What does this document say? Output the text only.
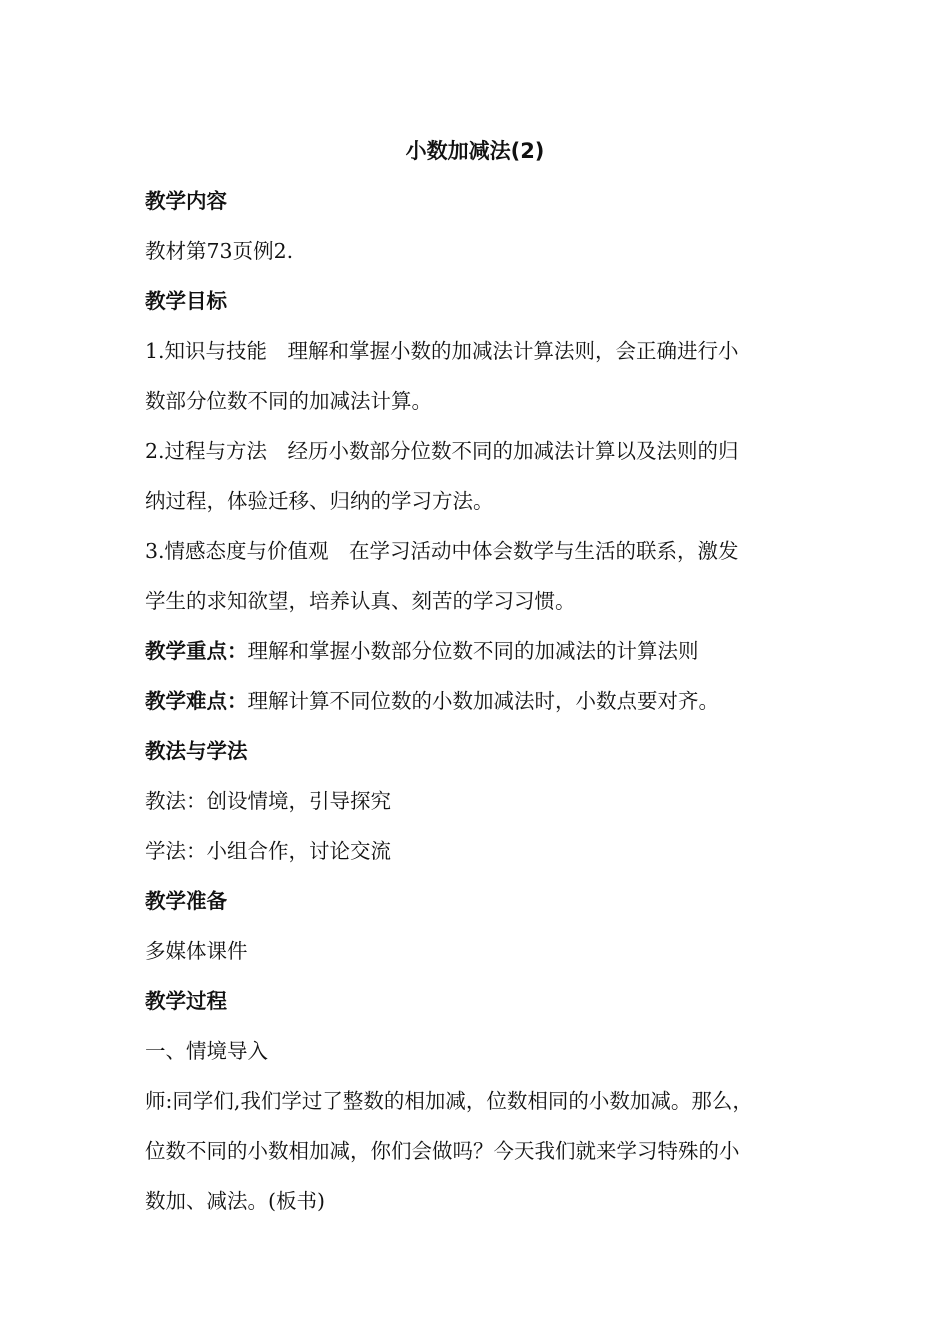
小数加减法(2)
教学内容
教材第73页例2.
教学目标
1.知识与技能　理解和掌握小数的加减法计算法则，会正确进行小
数部分位数不同的加减法计算。
2.过程与方法　经历小数部分位数不同的加减法计算以及法则的归
纳过程，体验迁移、归纳的学习方法。
3.情感态度与价值观　在学习活动中体会数学与生活的联系，激发
学生的求知欲望，培养认真、刻苦的学习习惯。
教学重点：理解和掌握小数部分位数不同的加减法的计算法则
教学难点：理解计算不同位数的小数加减法时，小数点要对齐。
教法与学法
教法：创设情境，引导探究
学法：小组合作，讨论交流
教学准备
多媒体课件
教学过程
一、情境导入
师:同学们,我们学过了整数的相加减，位数相同的小数加减。那么，
位数不同的小数相加减，你们会做吗？今天我们就来学习特殊的小
数加、减法。(板书)
